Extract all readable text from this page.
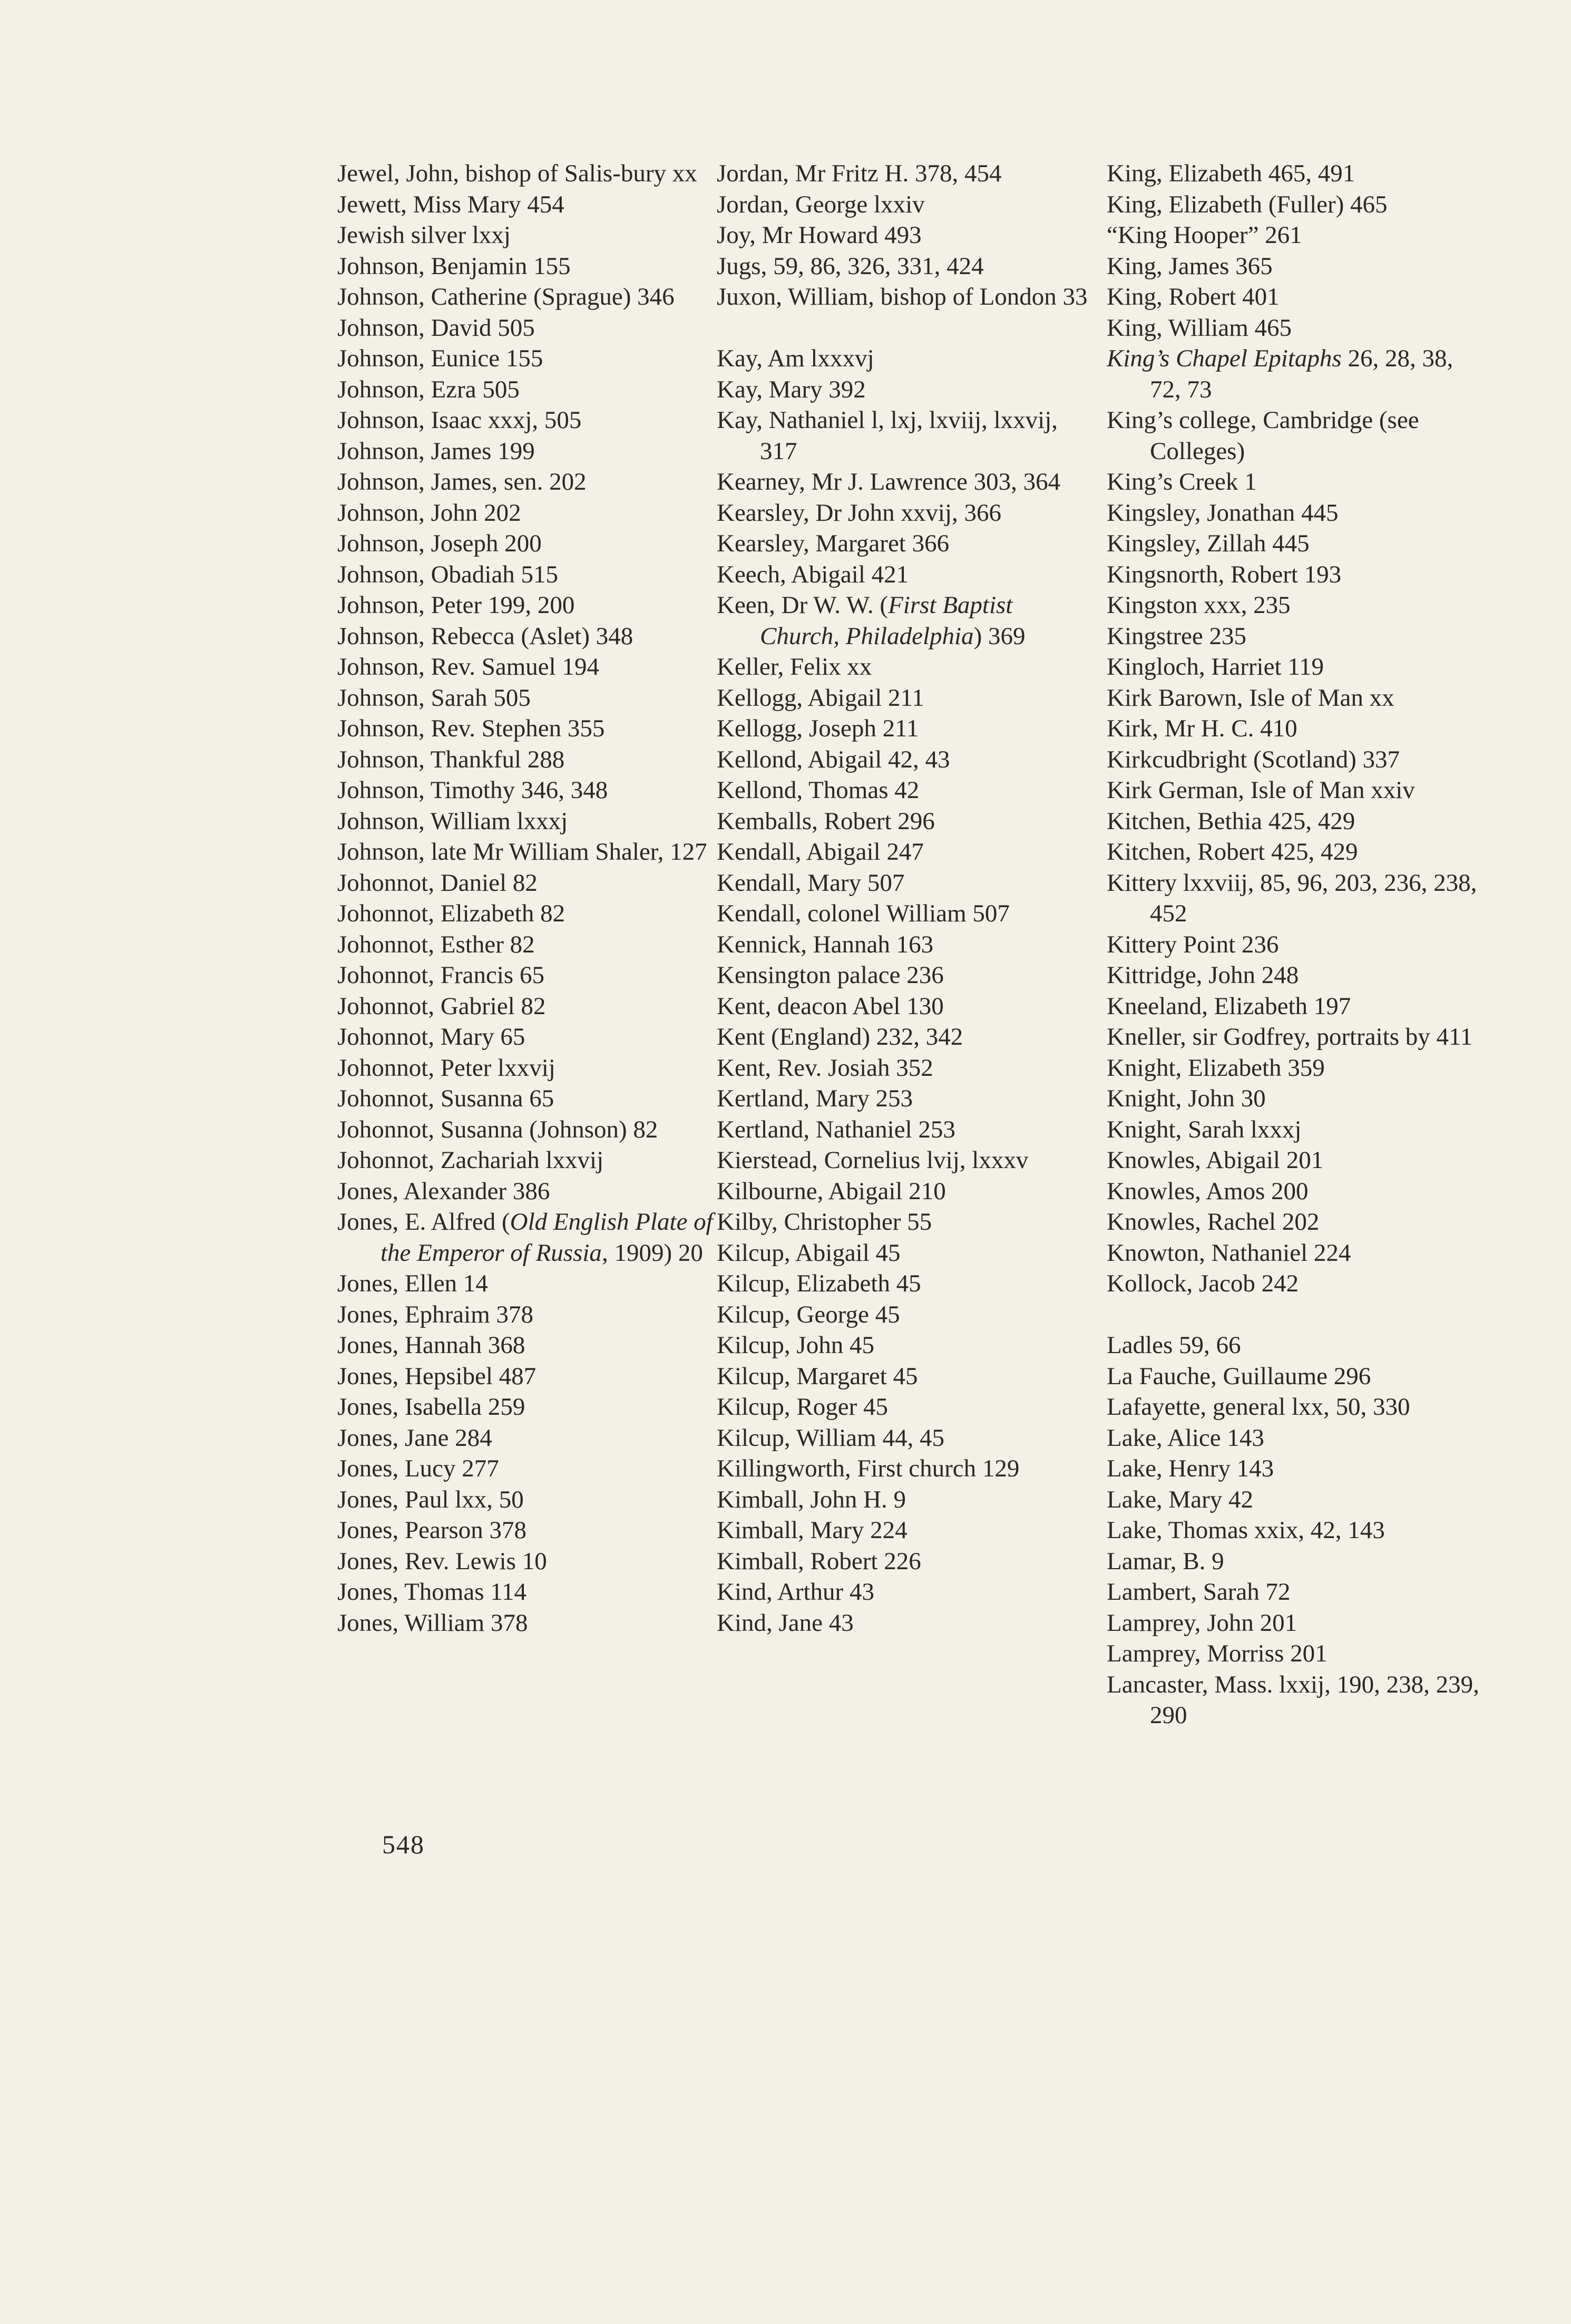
Jewel, John, bishop of Salis-bury xx
Jewett, Miss Mary 454
Jewish silver lxxj
Johnson, Benjamin 155
Johnson, Catherine (Sprague) 346
Johnson, David 505
Johnson, Eunice 155
Johnson, Ezra 505
Johnson, Isaac xxxj, 505
Johnson, James 199
Johnson, James, sen. 202
Johnson, John 202
Johnson, Joseph 200
Johnson, Obadiah 515
Johnson, Peter 199, 200
Johnson, Rebecca (Aslet) 348
Johnson, Rev. Samuel 194
Johnson, Sarah 505
Johnson, Rev. Stephen 355
Johnson, Thankful 288
Johnson, Timothy 346, 348
Johnson, William lxxxj
Johnson, late Mr William Shaler, 127
Johonnot, Daniel 82
Johonnot, Elizabeth 82
Johonnot, Esther 82
Johonnot, Francis 65
Johonnot, Gabriel 82
Johonnot, Mary 65
Johonnot, Peter lxxvij
Johonnot, Susanna 65
Johonnot, Susanna (Johnson) 82
Johonnot, Zachariah lxxvij
Jones, Alexander 386
Jones, E. Alfred (Old English Plate of the Emperor of Russia, 1909) 20
Jones, Ellen 14
Jones, Ephraim 378
Jones, Hannah 368
Jones, Hepsibel 487
Jones, Isabella 259
Jones, Jane 284
Jones, Lucy 277
Jones, Paul lxx, 50
Jones, Pearson 378
Jones, Rev. Lewis 10
Jones, Thomas 114
Jones, William 378
Jordan, Mr Fritz H. 378, 454
Jordan, George lxxiv
Joy, Mr Howard 493
Jugs, 59, 86, 326, 331, 424
Juxon, William, bishop of London 33
Kay, Am lxxxvj
Kay, Mary 392
Kay, Nathaniel l, lxj, lxviij, lxxvij, 317
Kearney, Mr J. Lawrence 303, 364
Kearsley, Dr John xxvij, 366
Kearsley, Margaret 366
Keech, Abigail 421
Keen, Dr W. W. (First Baptist Church, Philadelphia) 369
Keller, Felix xx
Kellogg, Abigail 211
Kellogg, Joseph 211
Kellond, Abigail 42, 43
Kellond, Thomas 42
Kemballs, Robert 296
Kendall, Abigail 247
Kendall, Mary 507
Kendall, colonel William 507
Kennick, Hannah 163
Kensington palace 236
Kent, deacon Abel 130
Kent (England) 232, 342
Kent, Rev. Josiah 352
Kertland, Mary 253
Kertland, Nathaniel 253
Kierstead, Cornelius lvij, lxxxv
Kilbourne, Abigail 210
Kilby, Christopher 55
Kilcup, Abigail 45
Kilcup, Elizabeth 45
Kilcup, George 45
Kilcup, John 45
Kilcup, Margaret 45
Kilcup, Roger 45
Kilcup, William 44, 45
Killingworth, First church 129
Kimball, John H. 9
Kimball, Mary 224
Kimball, Robert 226
Kind, Arthur 43
Kind, Jane 43
King, Elizabeth 465, 491
King, Elizabeth (Fuller) 465
“King Hooper” 261
King, James 365
King, Robert 401
King, William 465
King’s Chapel Epitaphs 26, 28, 38, 72, 73
King’s college, Cambridge (see Colleges)
King’s Creek 1
Kingsley, Jonathan 445
Kingsley, Zillah 445
Kingsnorth, Robert 193
Kingston xxx, 235
Kingstree 235
Kingloch, Harriet 119
Kirk Barown, Isle of Man xx
Kirk, Mr H. C. 410
Kirkcudbright (Scotland) 337
Kirk German, Isle of Man xxiv
Kitchen, Bethia 425, 429
Kitchen, Robert 425, 429
Kittery lxxviij, 85, 96, 203, 236, 238, 452
Kittery Point 236
Kittridge, John 248
Kneeland, Elizabeth 197
Kneller, sir Godfrey, portraits by 411
Knight, Elizabeth 359
Knight, John 30
Knight, Sarah lxxxj
Knowles, Abigail 201
Knowles, Amos 200
Knowles, Rachel 202
Knowton, Nathaniel 224
Kollock, Jacob 242
Ladles 59, 66
La Fauche, Guillaume 296
Lafayette, general lxx, 50, 330
Lake, Alice 143
Lake, Henry 143
Lake, Mary 42
Lake, Thomas xxix, 42, 143
Lamar, B. 9
Lambert, Sarah 72
Lamprey, John 201
Lamprey, Morriss 201
Lancaster, Mass. lxxij, 190, 238, 239, 290
548
